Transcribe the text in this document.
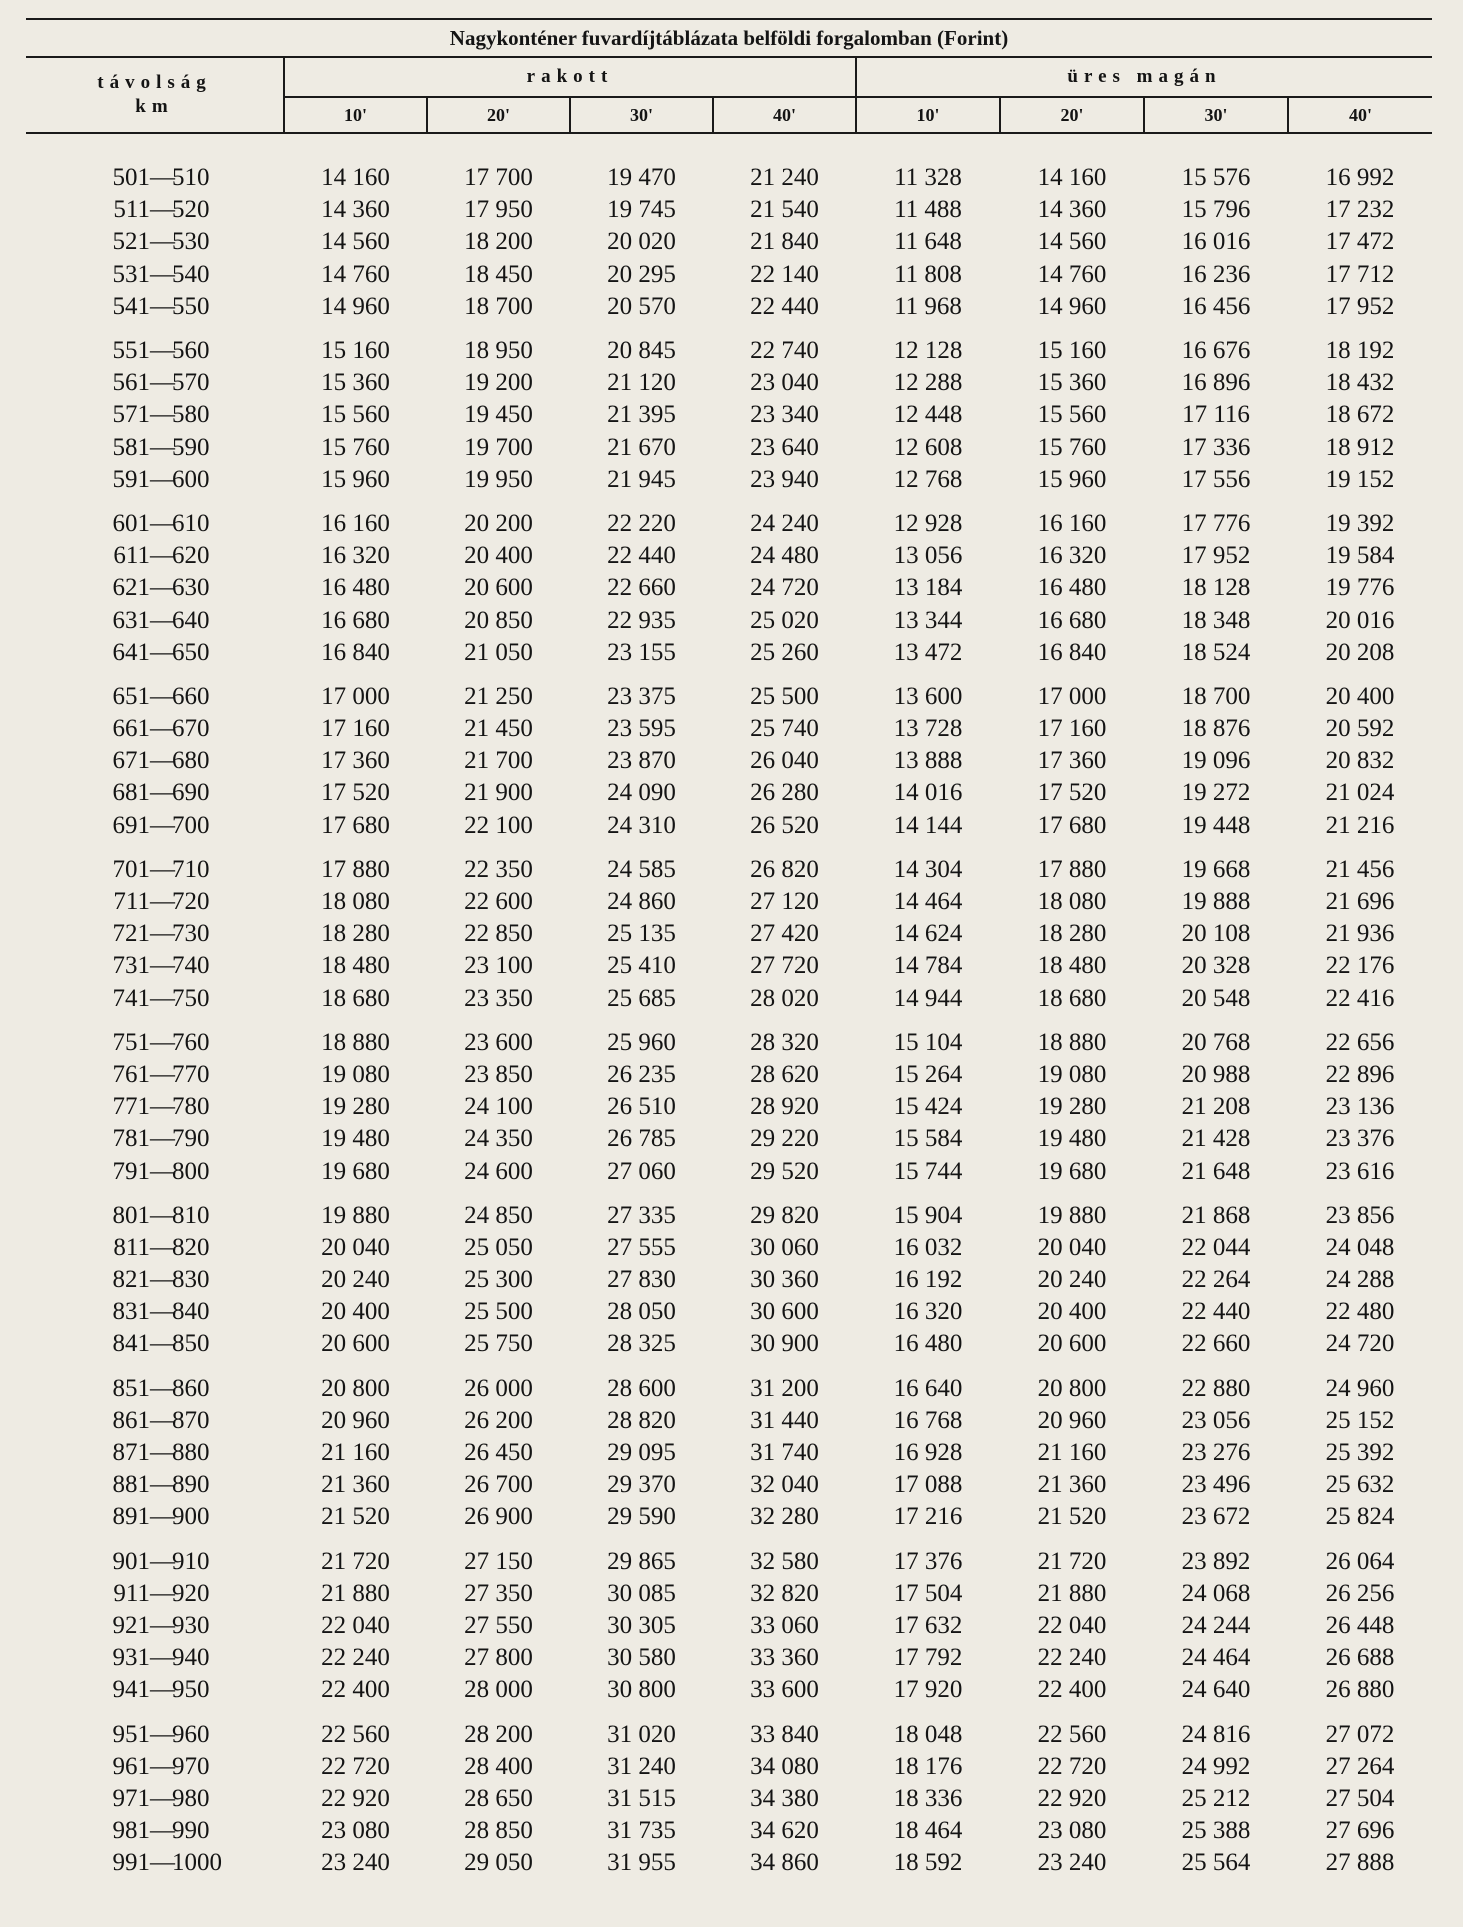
Nagykonténer fuvardíjtáblázata belföldi forgalomban (Forint)								
távolság
km	rakott				üres magán			
	10'	20'	30'	40'	10'	20'	30'	40'
501—510	14 160	17 700	19 470	21 240	11 328	14 160	15 576	16 992
511—520	14 360	17 950	19 745	21 540	11 488	14 360	15 796	17 232
521—530	14 560	18 200	20 020	21 840	11 648	14 560	16 016	17 472
531—540	14 760	18 450	20 295	22 140	11 808	14 760	16 236	17 712
541—550	14 960	18 700	20 570	22 440	11 968	14 960	16 456	17 952

551—560	15 160	18 950	20 845	22 740	12 128	15 160	16 676	18 192
561—570	15 360	19 200	21 120	23 040	12 288	15 360	16 896	18 432
571—580	15 560	19 450	21 395	23 340	12 448	15 560	17 116	18 672
581—590	15 760	19 700	21 670	23 640	12 608	15 760	17 336	18 912
591—600	15 960	19 950	21 945	23 940	12 768	15 960	17 556	19 152

601—610	16 160	20 200	22 220	24 240	12 928	16 160	17 776	19 392
611—620	16 320	20 400	22 440	24 480	13 056	16 320	17 952	19 584
621—630	16 480	20 600	22 660	24 720	13 184	16 480	18 128	19 776
631—640	16 680	20 850	22 935	25 020	13 344	16 680	18 348	20 016
641—650	16 840	21 050	23 155	25 260	13 472	16 840	18 524	20 208

651—660	17 000	21 250	23 375	25 500	13 600	17 000	18 700	20 400
661—670	17 160	21 450	23 595	25 740	13 728	17 160	18 876	20 592
671—680	17 360	21 700	23 870	26 040	13 888	17 360	19 096	20 832
681—690	17 520	21 900	24 090	26 280	14 016	17 520	19 272	21 024
691—700	17 680	22 100	24 310	26 520	14 144	17 680	19 448	21 216

701—710	17 880	22 350	24 585	26 820	14 304	17 880	19 668	21 456
711—720	18 080	22 600	24 860	27 120	14 464	18 080	19 888	21 696
721—730	18 280	22 850	25 135	27 420	14 624	18 280	20 108	21 936
731—740	18 480	23 100	25 410	27 720	14 784	18 480	20 328	22 176
741—750	18 680	23 350	25 685	28 020	14 944	18 680	20 548	22 416

751—760	18 880	23 600	25 960	28 320	15 104	18 880	20 768	22 656
761—770	19 080	23 850	26 235	28 620	15 264	19 080	20 988	22 896
771—780	19 280	24 100	26 510	28 920	15 424	19 280	21 208	23 136
781—790	19 480	24 350	26 785	29 220	15 584	19 480	21 428	23 376
791—800	19 680	24 600	27 060	29 520	15 744	19 680	21 648	23 616

801—810	19 880	24 850	27 335	29 820	15 904	19 880	21 868	23 856
811—820	20 040	25 050	27 555	30 060	16 032	20 040	22 044	24 048
821—830	20 240	25 300	27 830	30 360	16 192	20 240	22 264	24 288
831—840	20 400	25 500	28 050	30 600	16 320	20 400	22 440	22 480
841—850	20 600	25 750	28 325	30 900	16 480	20 600	22 660	24 720

851—860	20 800	26 000	28 600	31 200	16 640	20 800	22 880	24 960
861—870	20 960	26 200	28 820	31 440	16 768	20 960	23 056	25 152
871—880	21 160	26 450	29 095	31 740	16 928	21 160	23 276	25 392
881—890	21 360	26 700	29 370	32 040	17 088	21 360	23 496	25 632
891—900	21 520	26 900	29 590	32 280	17 216	21 520	23 672	25 824

901—910	21 720	27 150	29 865	32 580	17 376	21 720	23 892	26 064
911—920	21 880	27 350	30 085	32 820	17 504	21 880	24 068	26 256
921—930	22 040	27 550	30 305	33 060	17 632	22 040	24 244	26 448
931—940	22 240	27 800	30 580	33 360	17 792	22 240	24 464	26 688
941—950	22 400	28 000	30 800	33 600	17 920	22 400	24 640	26 880

951—960	22 560	28 200	31 020	33 840	18 048	22 560	24 816	27 072
961—970	22 720	28 400	31 240	34 080	18 176	22 720	24 992	27 264
971—980	22 920	28 650	31 515	34 380	18 336	22 920	25 212	27 504
981—990	23 080	28 850	31 735	34 620	18 464	23 080	25 388	27 696
991—1000	23 240	29 050	31 955	34 860	18 592	23 240	25 564	27 888
